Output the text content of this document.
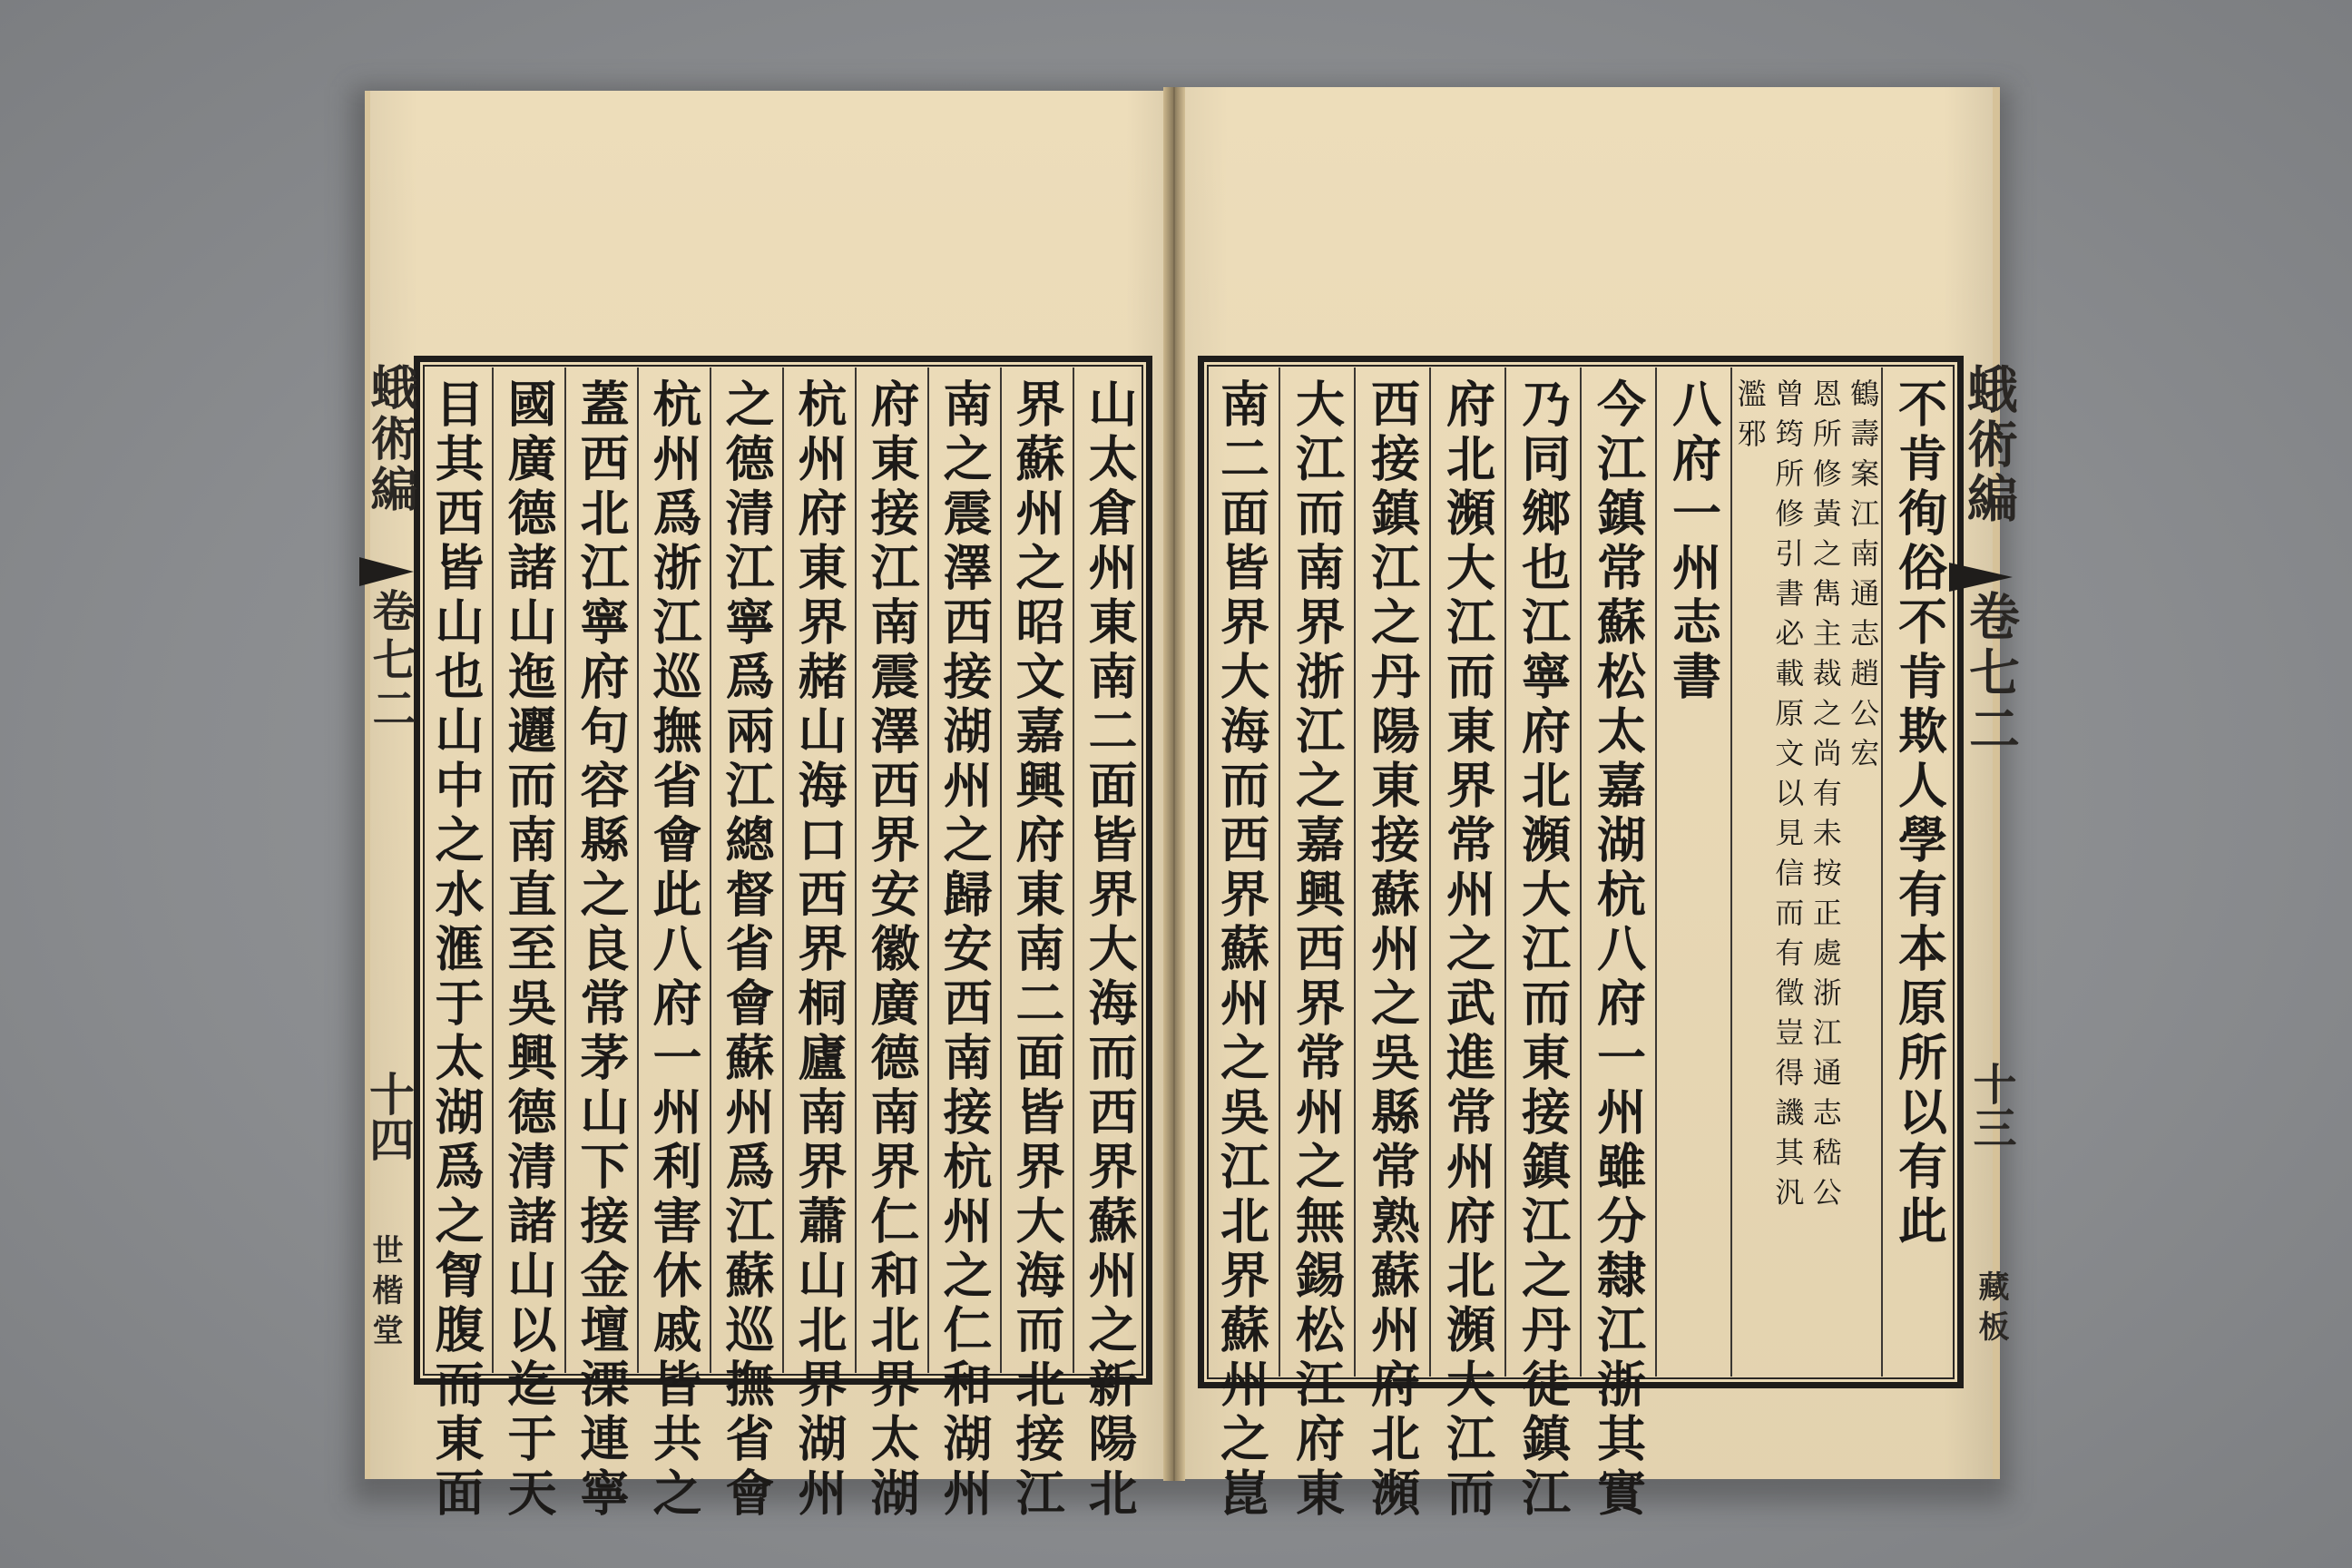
山太倉州東南二面皆界大海而西界蘇州之新陽北
界蘇州之昭文嘉興府東南二面皆界大海而北接江
南之震澤西接湖州之歸安西南接杭州之仁和湖州
府東接江南震澤西界安徽廣德南界仁和北界太湖
杭州府東界赭山海口西界桐廬南界蕭山北界湖州
之德清江寧爲兩江總督省會蘇州爲江蘇巡撫省會
杭州爲浙江巡撫省會此八府一州利害休戚皆共之
蓋西北江寧府句容縣之良常茅山下接金壇溧連寧
國廣德諸山迤邐而南直至吳興德清諸山以迄于天
目其西皆山也山中之水滙于太湖爲之胷腹而東面	不肯徇俗不肯欺人學有本原所以有此
鶴壽案江南通志趙公宏
恩所修黃之雋主裁之尚有未按正處浙江通志嵇公
曾筠所修引書必載原文以見信而有徵豈得譏其汎
濫邪
八府一州志書
今江鎮常蘇松太嘉湖杭八府一州雖分隸江浙其實
乃同鄉也江寧府北瀕大江而東接鎮江之丹徒鎮江
府北瀕大江而東界常州之武進常州府北瀕大江而
西接鎮江之丹陽東接蘇州之吳縣常熟蘇州府北瀕
大江而南界浙江之嘉興西界常州之無錫松江府東
南二面皆界大海而西界蘇州之吳江北界蘇州之崑	蛾術編
卷七二
十三
藏板
蛾術編
卷七二
十四
世楷堂
